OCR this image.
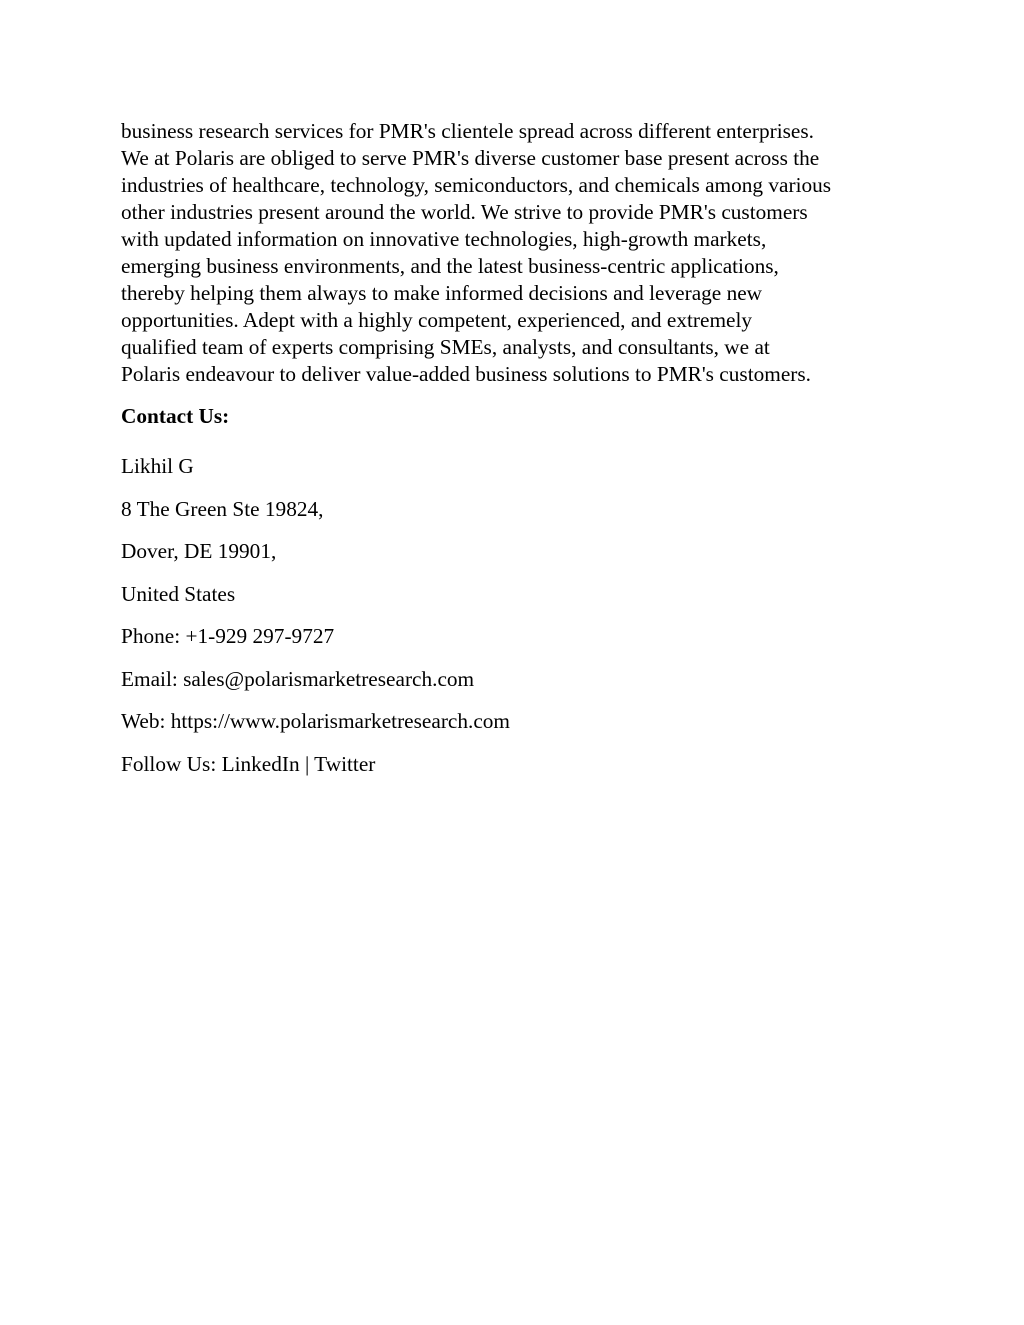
business research services for PMR's clientele spread across different enterprises.
We at Polaris are obliged to serve PMR's diverse customer base present across the
industries of healthcare, technology, semiconductors, and chemicals among various
other industries present around the world. We strive to provide PMR's customers
with updated information on innovative technologies, high-growth markets,
emerging business environments, and the latest business-centric applications,
thereby helping them always to make informed decisions and leverage new
opportunities. Adept with a highly competent, experienced, and extremely
qualified team of experts comprising SMEs, analysts, and consultants, we at
Polaris endeavour to deliver value-added business solutions to PMR's customers.

Contact Us:

Likhil G

8 The Green Ste 19824,

Dover, DE 19901,

United States

Phone: +1-929 297-9727

Email: sales@polarismarketresearch.com

Web: https://www.polarismarketresearch.com

Follow Us: LinkedIn | Twitter
